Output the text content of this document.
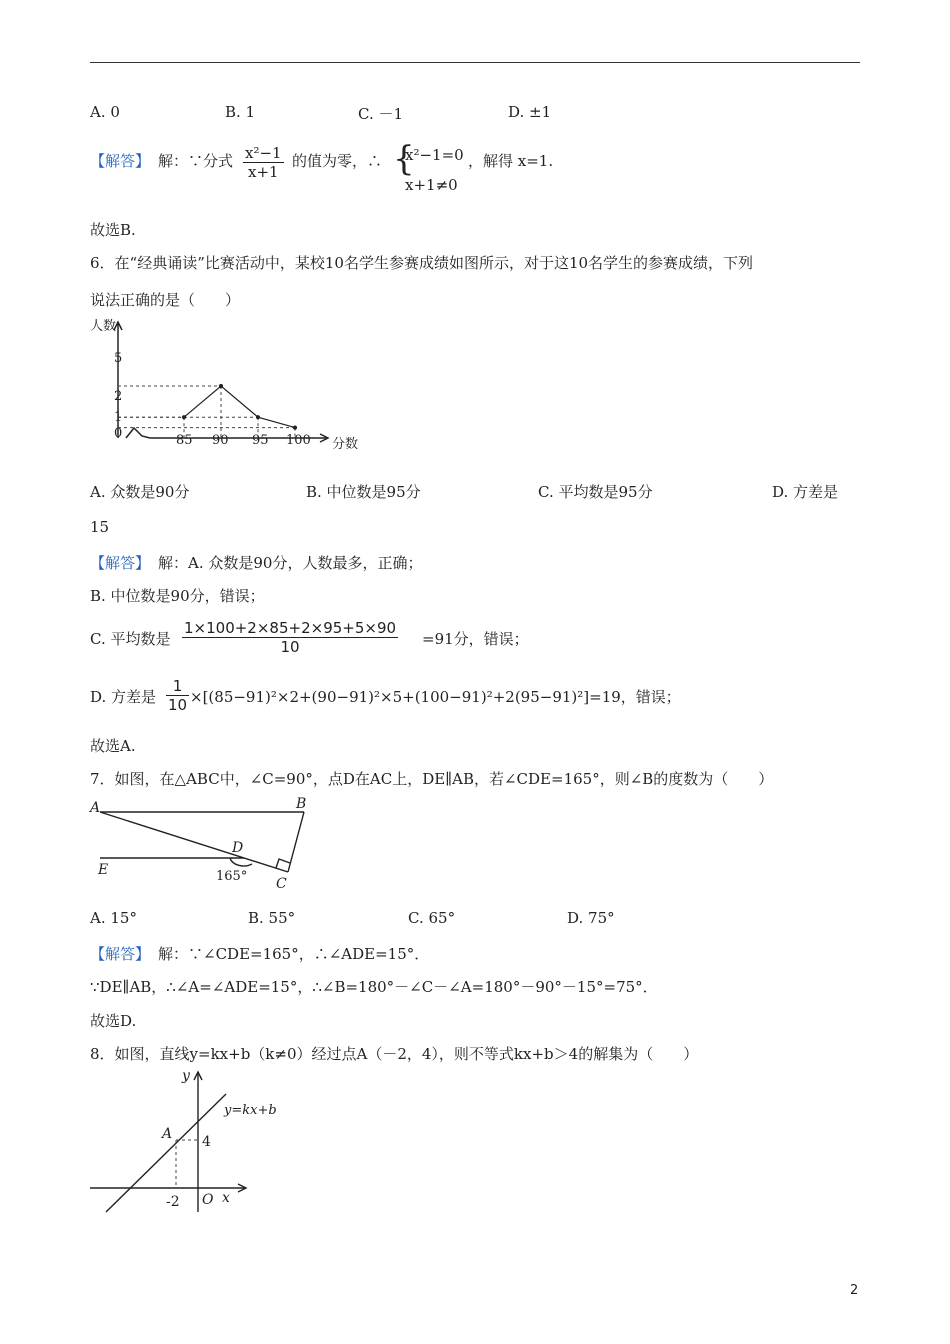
A. 0	B. 1	C. －1	D. ±1
【解答】 解：∵分式 $\frac{\text{x²−1}}{x+1}$ 的值为零，∴ {
x²−1=0
x+1≠0
，解得 x=1.
故选B.
6．在“经典诵读”比赛活动中，某校10名学生参赛成绩如图所示，对于这10名学生的参赛成绩，下列
说法正确的是（　　）
人数
分数
0
1
2
5
85 90 95 100
A. 众数是90分	B. 中位数是95分	C. 平均数是95分	D. 方差是
15
【解答】 解：A. 众数是90分，人数最多，正确；
B. 中位数是90分，错误；
C. 平均数是 $\frac{1\times 100+2\times 85+2\times 95+5\times 90}{10} =91$分，错误；
D. 方差是 $\frac{1}{10} \times[(85-91)^2\times 2+(90-91)^2\times 5+(100-91)^2+2(95-91)^2]=19$，错误；
故选A.
7．如图，在△ABC中，∠C=90°，点D在AC上，DE∥AB，若∠CDE=165°，则∠B的度数为（　　）
A	B
C
D
E	165°
A. 15°	B. 55°	C. 65°	D. 75°
【解答】 解：∵∠CDE=165°，∴∠ADE=15°．
∵DE∥AB，∴∠A=∠ADE=15°，∴∠B=180°－∠C－∠A=180°－90°－15°=75°．
故选D.
8．如图，直线y=kx+b（k≠0）经过点A（－2，4），则不等式kx+b＞4的解集为（　　）
y
x
O
A
y=kx+b
4
-2
2
